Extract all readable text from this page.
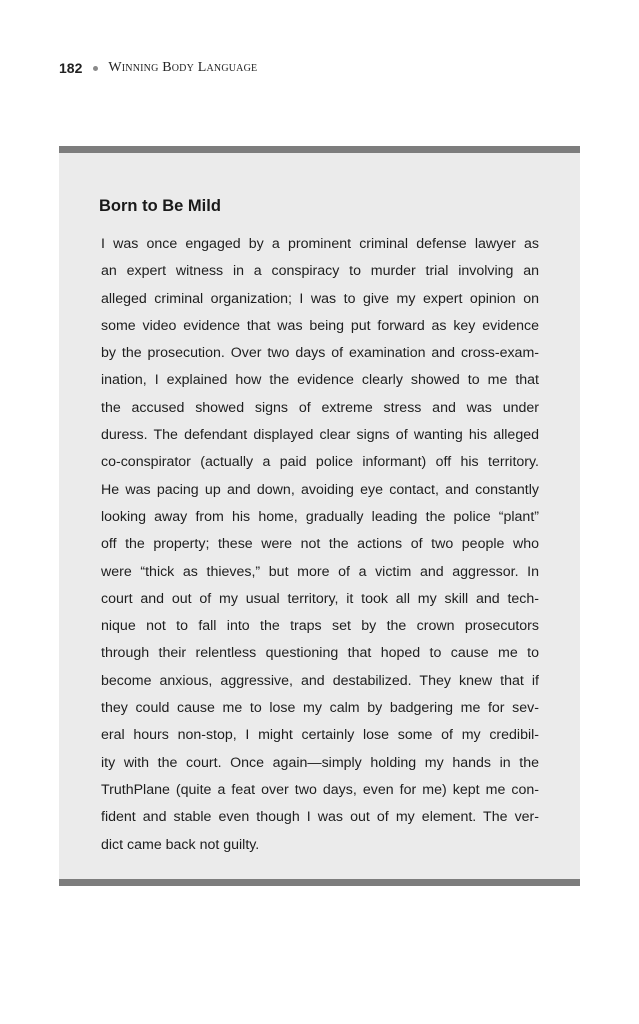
182 Winning Body Language
Born to Be Mild
I was once engaged by a prominent criminal defense lawyer as
an expert witness in a conspiracy to murder trial involving an
alleged criminal organization; I was to give my expert opinion on
some video evidence that was being put forward as key evidence
by the prosecution. Over two days of examination and cross-exam-
ination, I explained how the evidence clearly showed to me that
the accused showed signs of extreme stress and was under
duress. The defendant displayed clear signs of wanting his alleged
co-conspirator (actually a paid police informant) off his territory.
He was pacing up and down, avoiding eye contact, and constantly
looking away from his home, gradually leading the police “plant”
off the property; these were not the actions of two people who
were “thick as thieves,” but more of a victim and aggressor. In
court and out of my usual territory, it took all my skill and tech-
nique not to fall into the traps set by the crown prosecutors
through their relentless questioning that hoped to cause me to
become anxious, aggressive, and destabilized. They knew that if
they could cause me to lose my calm by badgering me for sev-
eral hours non-stop, I might certainly lose some of my credibil-
ity with the court. Once again—simply holding my hands in the
TruthPlane (quite a feat over two days, even for me) kept me con-
fident and stable even though I was out of my element. The ver-
dict came back not guilty.
